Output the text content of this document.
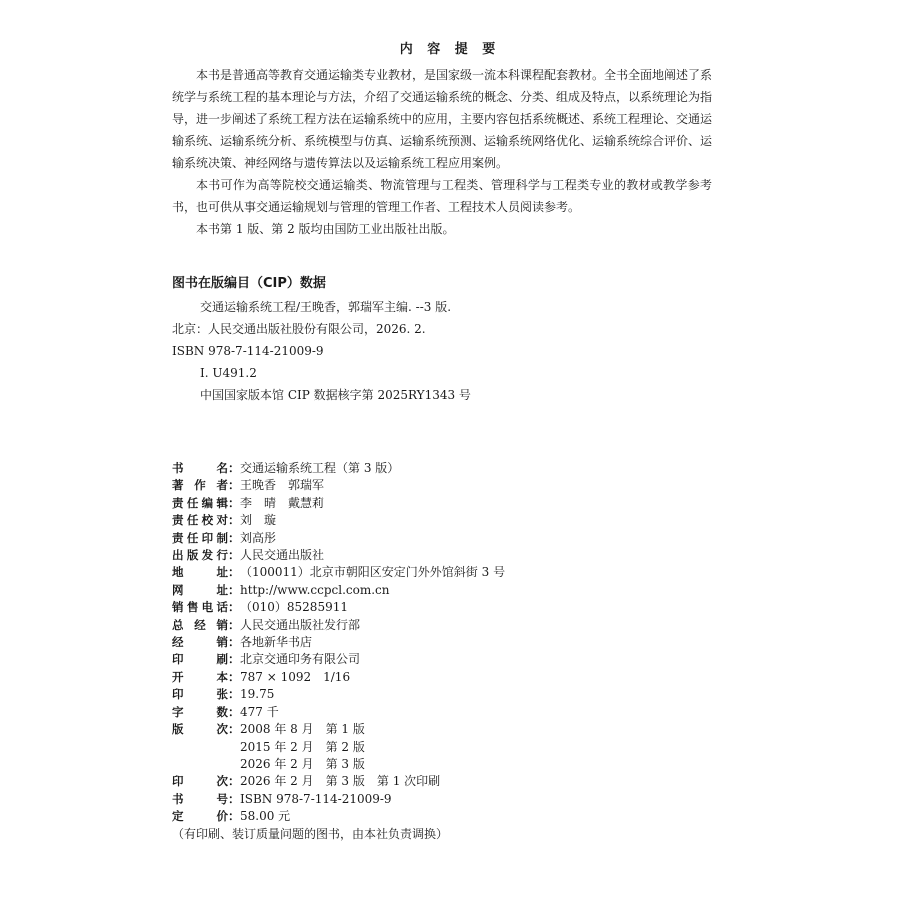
内 容 提 要

本书是普通高等教育交通运输类专业教材，是国家级一流本科课程配套教材。全书全面地阐述了系统学与系统工程的基本理论与方法，介绍了交通运输系统的概念、分类、组成及特点，以系统理论为指导，进一步阐述了系统工程方法在运输系统中的应用，主要内容包括系统概述、系统工程理论、交通运输系统、运输系统分析、系统模型与仿真、运输系统预测、运输系统网络优化、运输系统综合评价、运输系统决策、神经网络与遗传算法以及运输系统工程应用案例。

本书可作为高等院校交通运输类、物流管理与工程类、管理科学与工程类专业的教材或教学参考书，也可供从事交通运输规划与管理的管理工作者、工程技术人员阅读参考。

本书第 1 版、第 2 版均由国防工业出版社出版。

图书在版编目（CIP）数据
交通运输系统工程/王晚香，郭瑞军主编. --3 版.
北京：人民交通出版社股份有限公司，2026. 2.
ISBN 978-7-114-21009-9
Ⅰ. U491.2
中国国家版本馆 CIP 数据核字第 2025RY1343 号
书名 ： 交通运输系统工程（第 3 版）
著作者 ： 王晚香　郭瑞军
责任编辑 ： 李　晴　戴慧莉
责任校对 ： 刘　璇
责任印制 ： 刘高彤
出版发行 ： 人民交通出版社
地址 ： （100011）北京市朝阳区安定门外外馆斜街 3 号
网址 ： http://www.ccpcl.com.cn
销售电话 ： （010）85285911
总经销 ： 人民交通出版社发行部
经销 ： 各地新华书店
印刷 ： 北京交通印务有限公司
开本 ： 787 × 1092　1/16
印张 ： 19.75
字数 ： 477 千
版次 ： 2008 年 8 月　第 1 版
2015 年 2 月　第 2 版
2026 年 2 月　第 3 版
印次 ： 2026 年 2 月　第 3 版　第 1 次印刷
书号 ： ISBN 978-7-114-21009-9
定价 ： 58.00 元
（有印刷、装订质量问题的图书，由本社负责调换）
